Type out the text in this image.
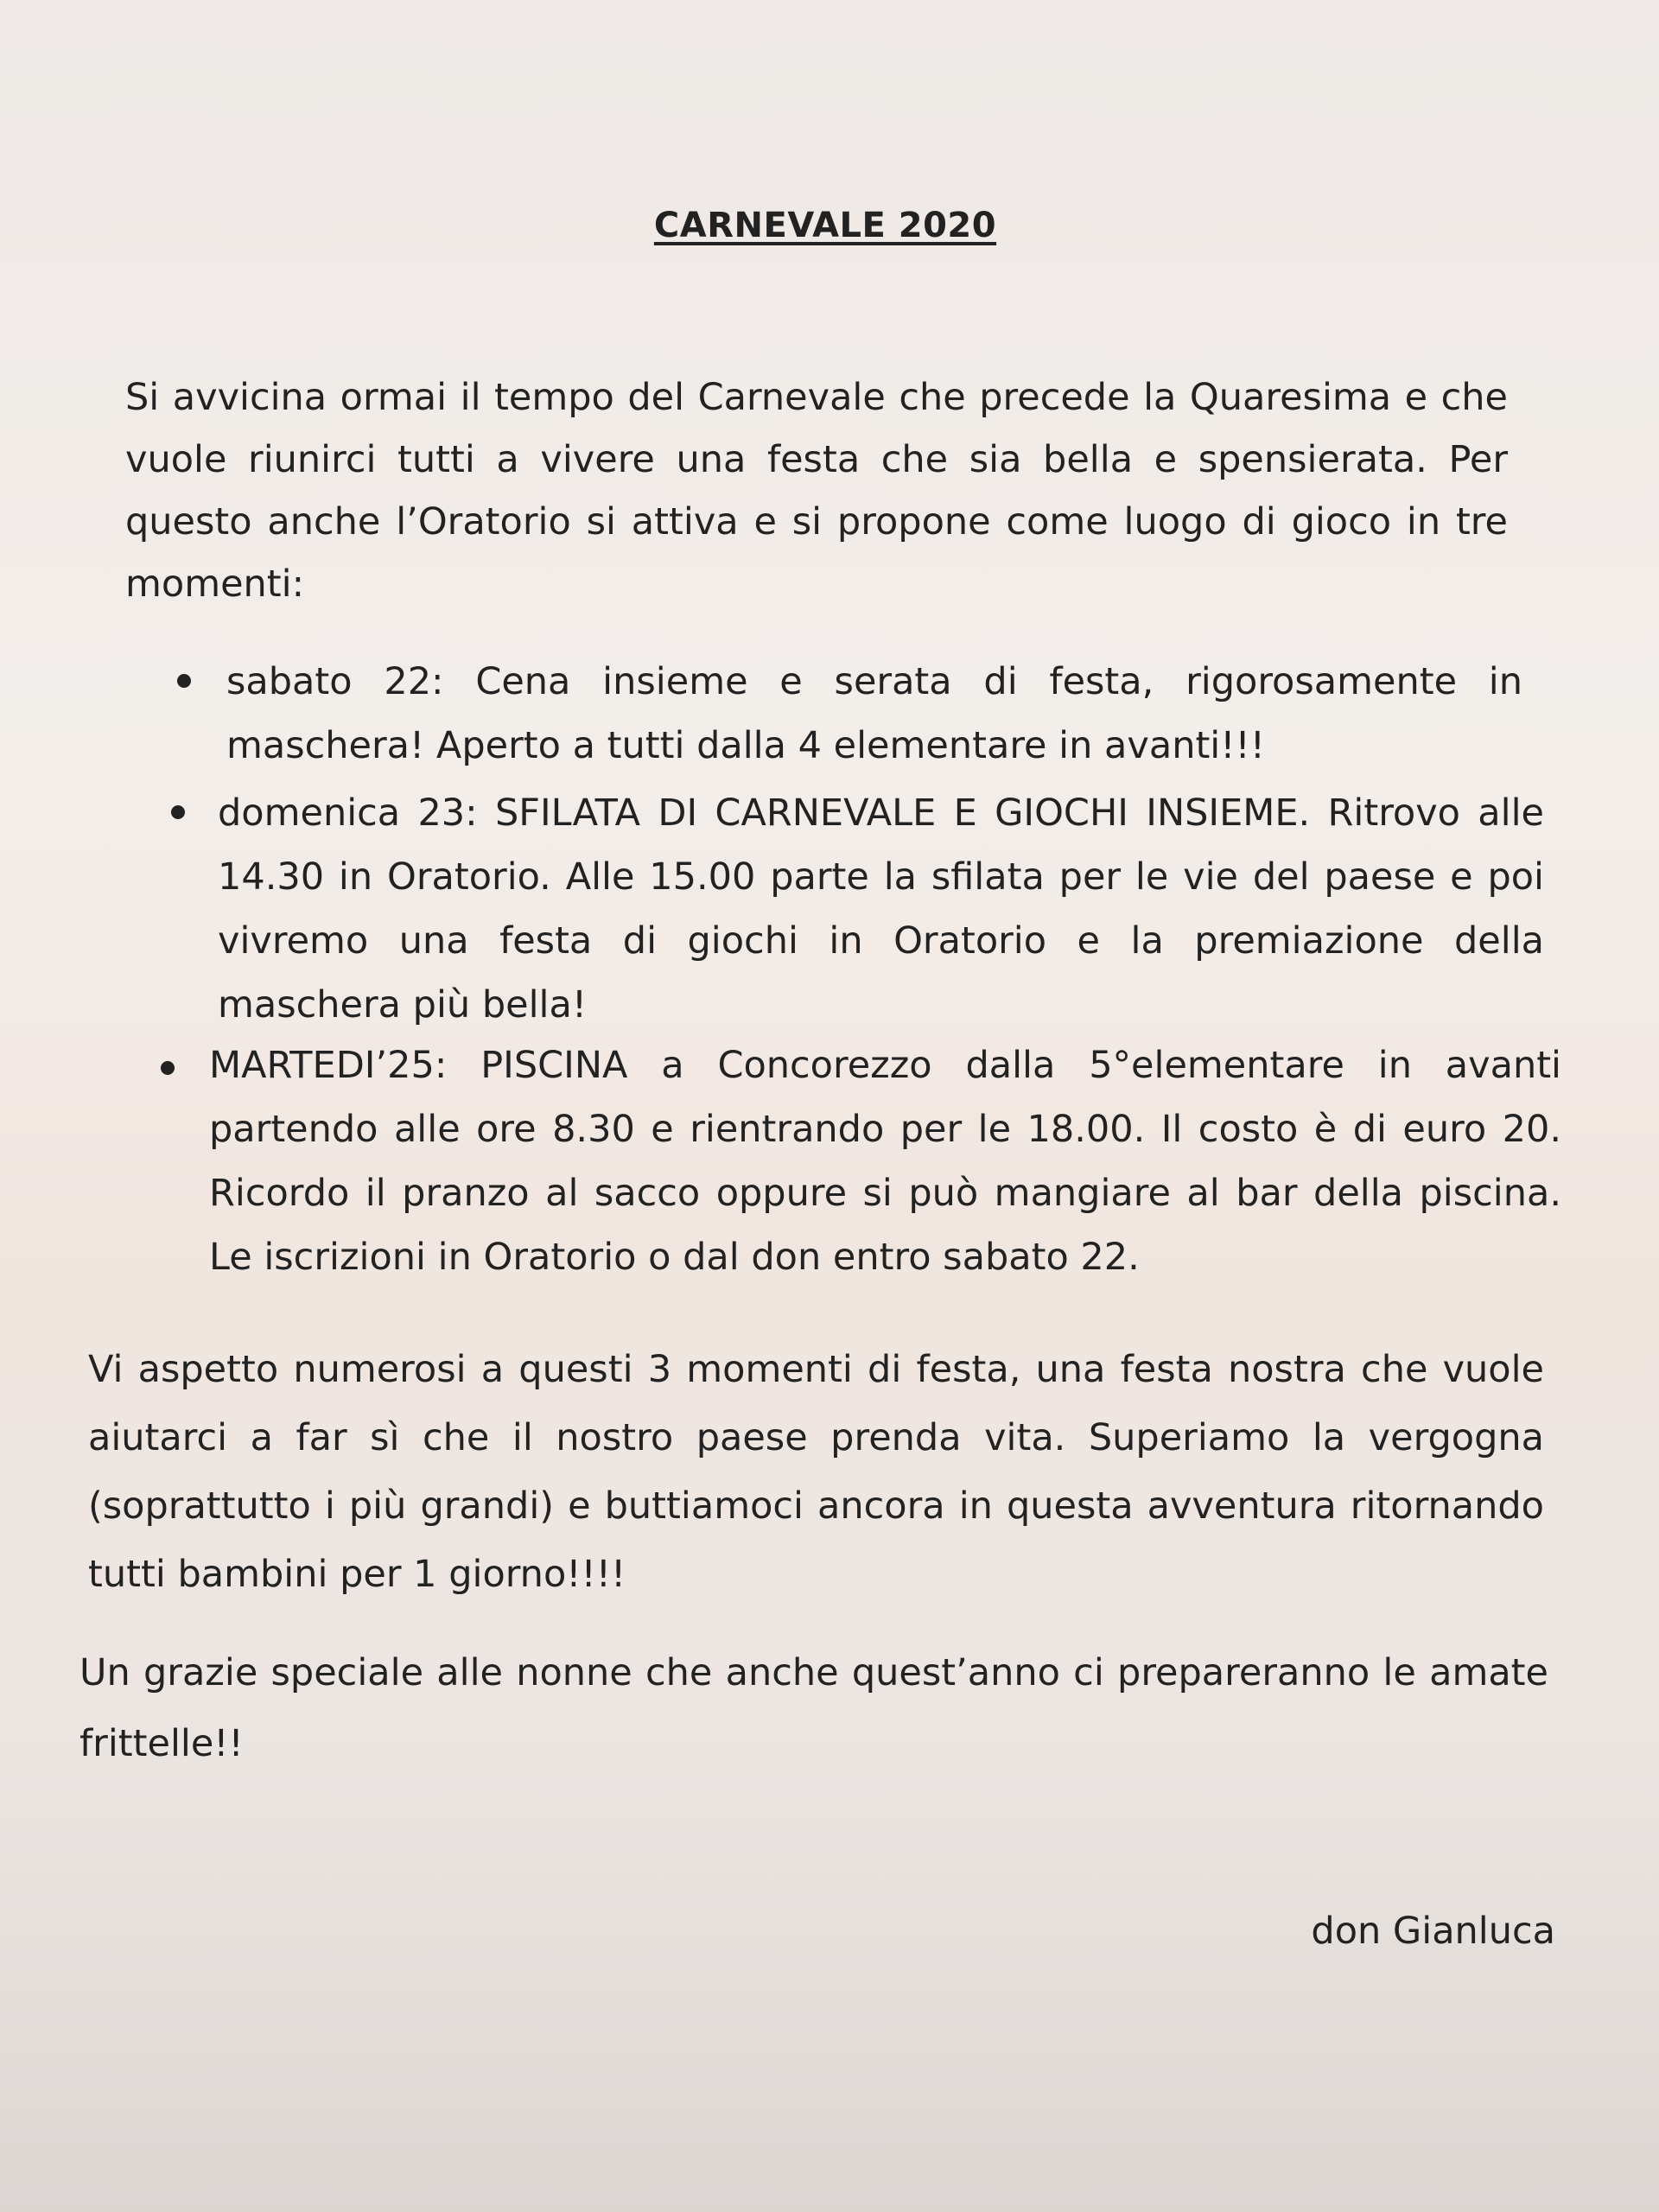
CARNEVALE 2020

Si avvicina ormai il tempo del Carnevale che precede la Quaresima e che vuole riunirci tutti a vivere una festa che sia bella e spensierata. Per questo anche l’Oratorio si attiva e si propone come luogo di gioco in tre momenti:

sabato 22: Cena insieme e serata di festa, rigorosamente in maschera! Aperto a tutti dalla 4 elementare in avanti!!!
domenica 23: SFILATA DI CARNEVALE E GIOCHI INSIEME. Ritrovo alle 14.30 in Oratorio. Alle 15.00 parte la sfilata per le vie del paese e poi vivremo una festa di giochi in Oratorio e la premiazione della maschera più bella!
MARTEDI’25: PISCINA a Concorezzo dalla 5°elementare in avanti partendo alle ore 8.30 e rientrando per le 18.00. Il costo è di euro 20. Ricordo il pranzo al sacco oppure si può mangiare al bar della piscina. Le iscrizioni in Oratorio o dal don entro sabato 22.

Vi aspetto numerosi a questi 3 momenti di festa, una festa nostra che vuole aiutarci a far sì che il nostro paese prenda vita. Superiamo la vergogna (soprattutto i più grandi) e buttiamoci ancora in questa avventura ritornando tutti bambini per 1 giorno!!!!

Un grazie speciale alle nonne che anche quest’anno ci prepareranno le amate frittelle!!

don Gianluca
